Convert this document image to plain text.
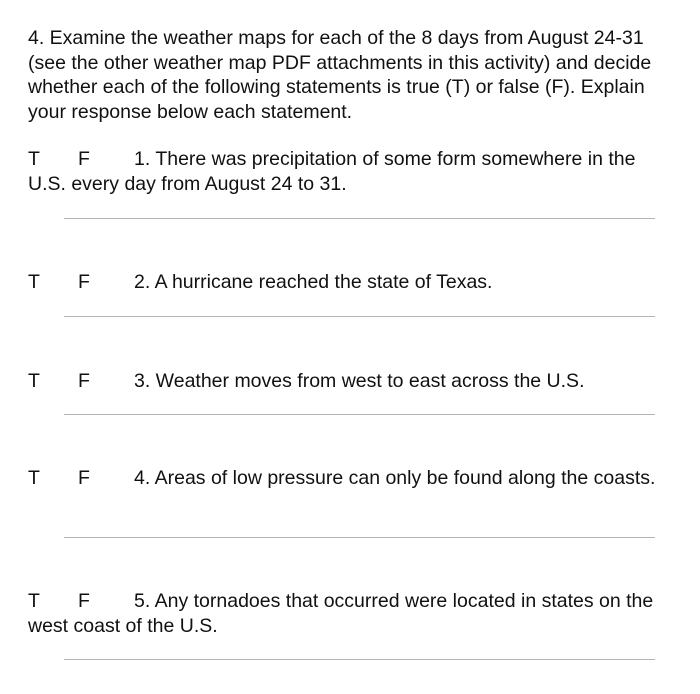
4. Examine the weather maps for each of the 8 days from August 24-31 (see the other weather map PDF attachments in this activity) and decide whether each of the following statements is true (T) or false (F). Explain your response below each statement.

T F 1. There was precipitation of some form somewhere in the U.S. every day from August 24 to 31.
T F 2. A hurricane reached the state of Texas.
T F 3. Weather moves from west to east across the U.S.
T F 4. Areas of low pressure can only be found along the coasts.
T F 5. Any tornadoes that occurred were located in states on the west coast of the U.S.
